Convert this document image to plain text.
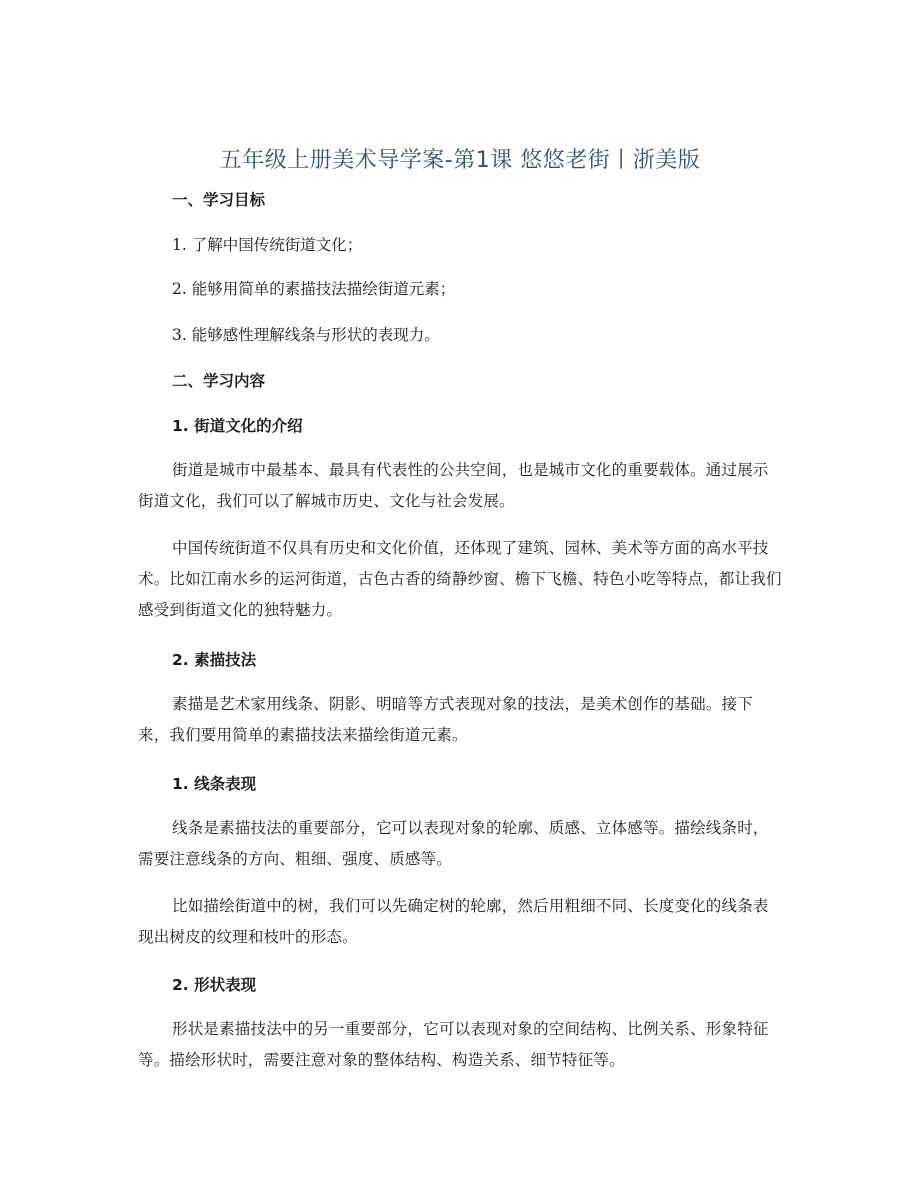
五年级上册美术导学案-第1课 悠悠老街丨浙美版

一、学习目标

1. 了解中国传统街道文化；

2. 能够用简单的素描技法描绘街道元素；

3. 能够感性理解线条与形状的表现力。

二、学习内容

1. 街道文化的介绍

街道是城市中最基本、最具有代表性的公共空间，也是城市文化的重要载体。通过展示街道文化，我们可以了解城市历史、文化与社会发展。

中国传统街道不仅具有历史和文化价值，还体现了建筑、园林、美术等方面的高水平技术。比如江南水乡的运河街道，古色古香的绮静纱窗、檐下飞檐、特色小吃等特点，都让我们感受到街道文化的独特魅力。

2. 素描技法

素描是艺术家用线条、阴影、明暗等方式表现对象的技法，是美术创作的基础。接下来，我们要用简单的素描技法来描绘街道元素。

1. 线条表现

线条是素描技法的重要部分，它可以表现对象的轮廓、质感、立体感等。描绘线条时，需要注意线条的方向、粗细、强度、质感等。

比如描绘街道中的树，我们可以先确定树的轮廓，然后用粗细不同、长度变化的线条表现出树皮的纹理和枝叶的形态。

2. 形状表现

形状是素描技法中的另一重要部分，它可以表现对象的空间结构、比例关系、形象特征等。描绘形状时，需要注意对象的整体结构、构造关系、细节特征等。
